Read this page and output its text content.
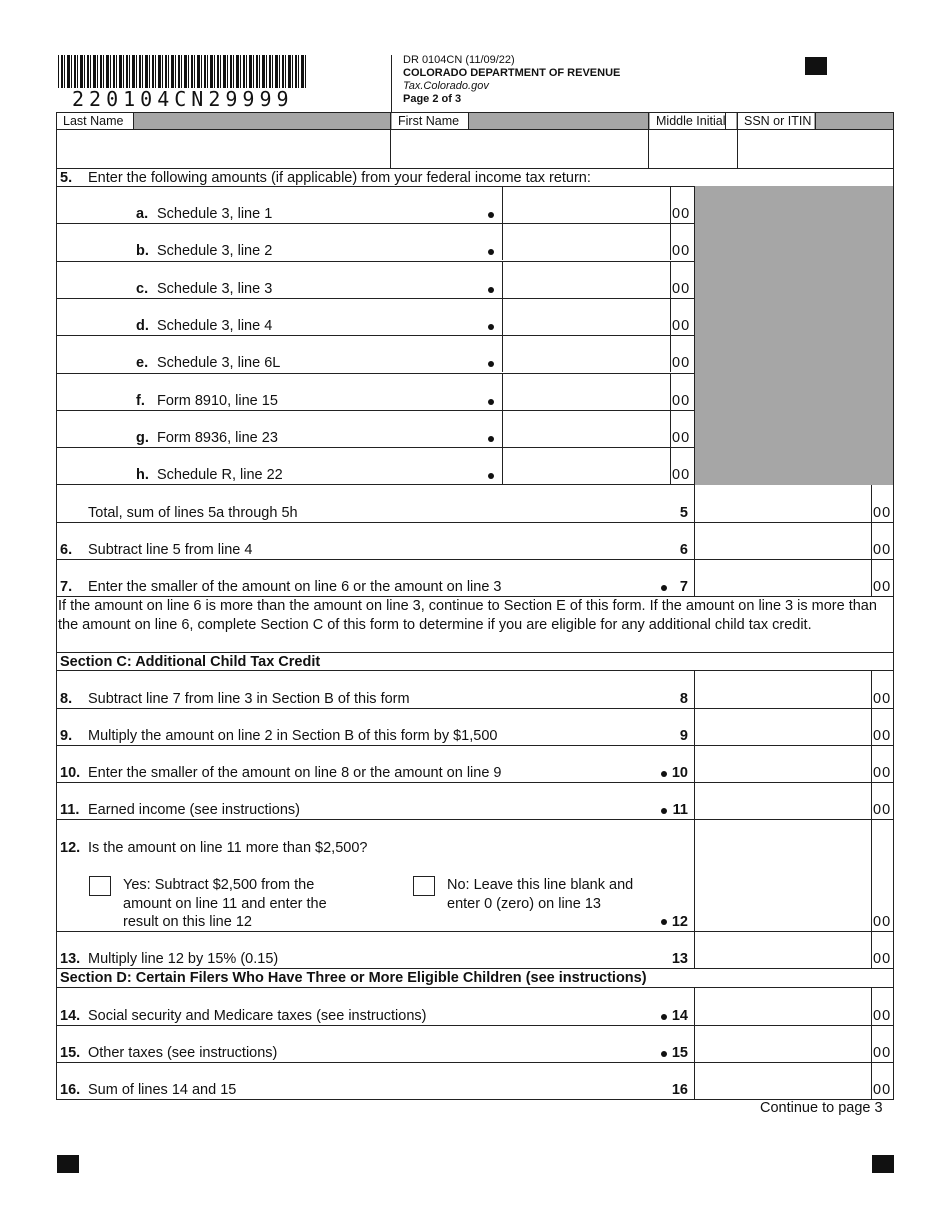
220104CN29999
DR 0104CN (11/09/22)
COLORADO DEPARTMENT OF REVENUE
Tax.Colorado.gov
Page 2 of 3
Last Name	First Name	Middle Initial	SSN or ITIN
5. Enter the following amounts (if applicable) from your federal income tax return:
a. Schedule 3, line 1	00
b. Schedule 3, line 2	00
c. Schedule 3, line 3	00
d. Schedule 3, line 4	00
e. Schedule 3, line 6L	00
f. Form 8910, line 15	00
g. Form 8936, line 23	00
h. Schedule R, line 22	00
Total, sum of lines 5a through 5h	5	00
6. Subtract line 5 from line 4	6	00
7. Enter the smaller of the amount on line 6 or the amount on line 3	7	00
If the amount on line 6 is more than the amount on line 3, continue to Section E of this form. If the amount on line 3 is more than the amount on line 6, complete Section C of this form to determine if you are eligible for any additional child tax credit.
Section C: Additional Child Tax Credit
8. Subtract line 7 from line 3 in Section B of this form	8	00
9. Multiply the amount on line 2 in Section B of this form by $1,500	9	00
10. Enter the smaller of the amount on line 8 or the amount on line 9	10	00
11. Earned income (see instructions)	11	00
12. Is the amount on line 11 more than $2,500?
Yes: Subtract $2,500 from the
amount on line 11 and enter the
result on this line 12
No: Leave this line blank and
enter 0 (zero) on line 13
12	00
13. Multiply line 12 by 15% (0.15)	13	00
Section D: Certain Filers Who Have Three or More Eligible Children (see instructions)
14. Social security and Medicare taxes (see instructions)	14	00
15. Other taxes (see instructions)	15	00
16. Sum of lines 14 and 15	16	00
Continue to page 3
